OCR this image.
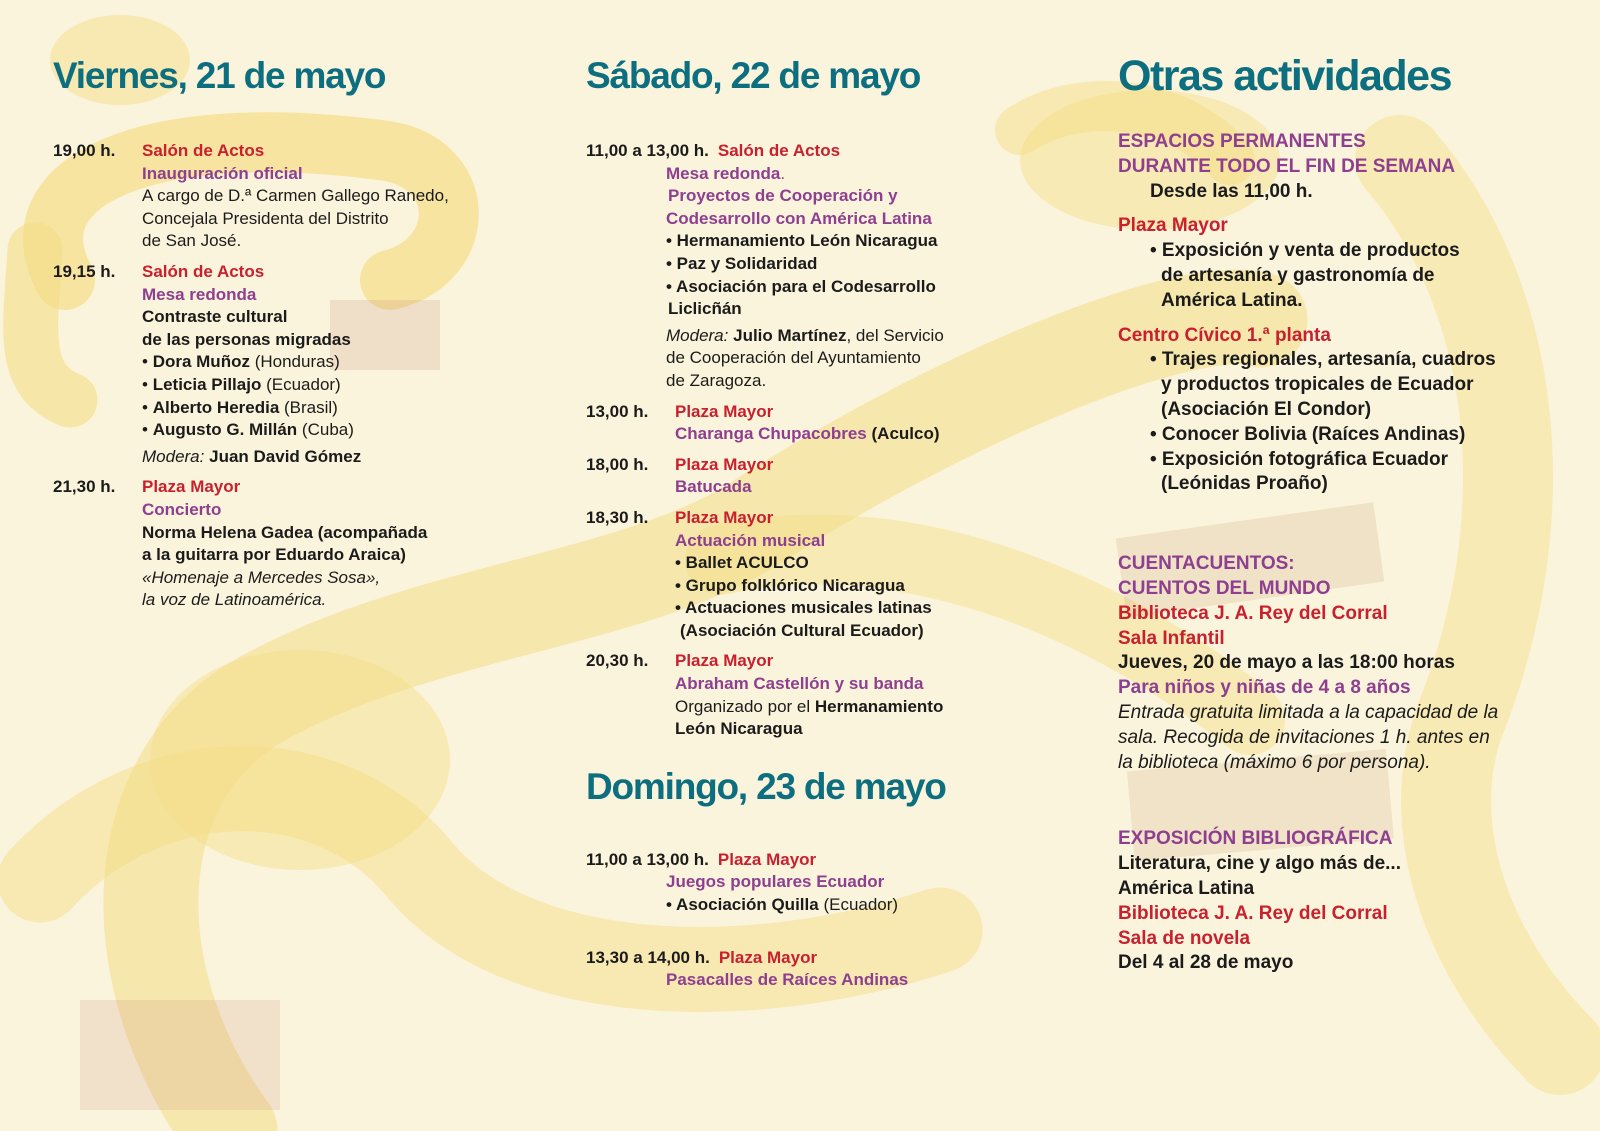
Viernes, 21 de mayo
19,00 h.	Salón de Actos
Inauguración oficial
A cargo de D.ª Carmen Gallego Ranedo,
Concejala Presidenta del Distrito
de San José.
19,15 h.	Salón de Actos
Mesa redonda
Contraste cultural
de las personas migradas
• Dora Muñoz (Honduras)
• Leticia Pillajo (Ecuador)
• Alberto Heredia (Brasil)
• Augusto G. Millán (Cuba)
Modera: Juan David Gómez
21,30 h.	Plaza Mayor
Concierto
Norma Helena Gadea (acompañada
a la guitarra por Eduardo Araica)
«Homenaje a Mercedes Sosa»,
la voz de Latinoamérica.
Sábado, 22 de mayo
11,00 a 13,00 h. Salón de Actos
Mesa redonda.
Proyectos de Cooperación y
Codesarrollo con América Latina
• Hermanamiento León Nicaragua
• Paz y Solidaridad
• Asociación para el Codesarrollo
Liclicñán
Modera: Julio Martínez, del Servicio
de Cooperación del Ayuntamiento
de Zaragoza.
13,00 h.	Plaza Mayor
Charanga Chupacobres (Aculco)
18,00 h.	Plaza Mayor
Batucada
18,30 h.	Plaza Mayor
Actuación musical
• Ballet ACULCO
• Grupo folklórico Nicaragua
• Actuaciones musicales latinas
(Asociación Cultural Ecuador)
20,30 h.	Plaza Mayor
Abraham Castellón y su banda
Organizado por el Hermanamiento
León Nicaragua
Domingo, 23 de mayo
11,00 a 13,00 h. Plaza Mayor
Juegos populares Ecuador
• Asociación Quilla (Ecuador)
13,30 a 14,00 h. Plaza Mayor
Pasacalles de Raíces Andinas
Otras actividades
ESPACIOS PERMANENTES
DURANTE TODO EL FIN DE SEMANA
Desde las 11,00 h.
Plaza Mayor
• Exposición y venta de productos
de artesanía y gastronomía de
América Latina.
Centro Cívico 1.ª planta
• Trajes regionales, artesanía, cuadros
y productos tropicales de Ecuador
(Asociación El Condor)
• Conocer Bolivia (Raíces Andinas)
• Exposición fotográfica Ecuador
(Leónidas Proaño)
CUENTACUENTOS:
CUENTOS DEL MUNDO
Biblioteca J. A. Rey del Corral
Sala Infantil
Jueves, 20 de mayo a las 18:00 horas
Para niños y niñas de 4 a 8 años
Entrada gratuita limitada a la capacidad de la
sala. Recogida de invitaciones 1 h. antes en
la biblioteca (máximo 6 por persona).
EXPOSICIÓN BIBLIOGRÁFICA
Literatura, cine y algo más de...
América Latina
Biblioteca J. A. Rey del Corral
Sala de novela
Del 4 al 28 de mayo
